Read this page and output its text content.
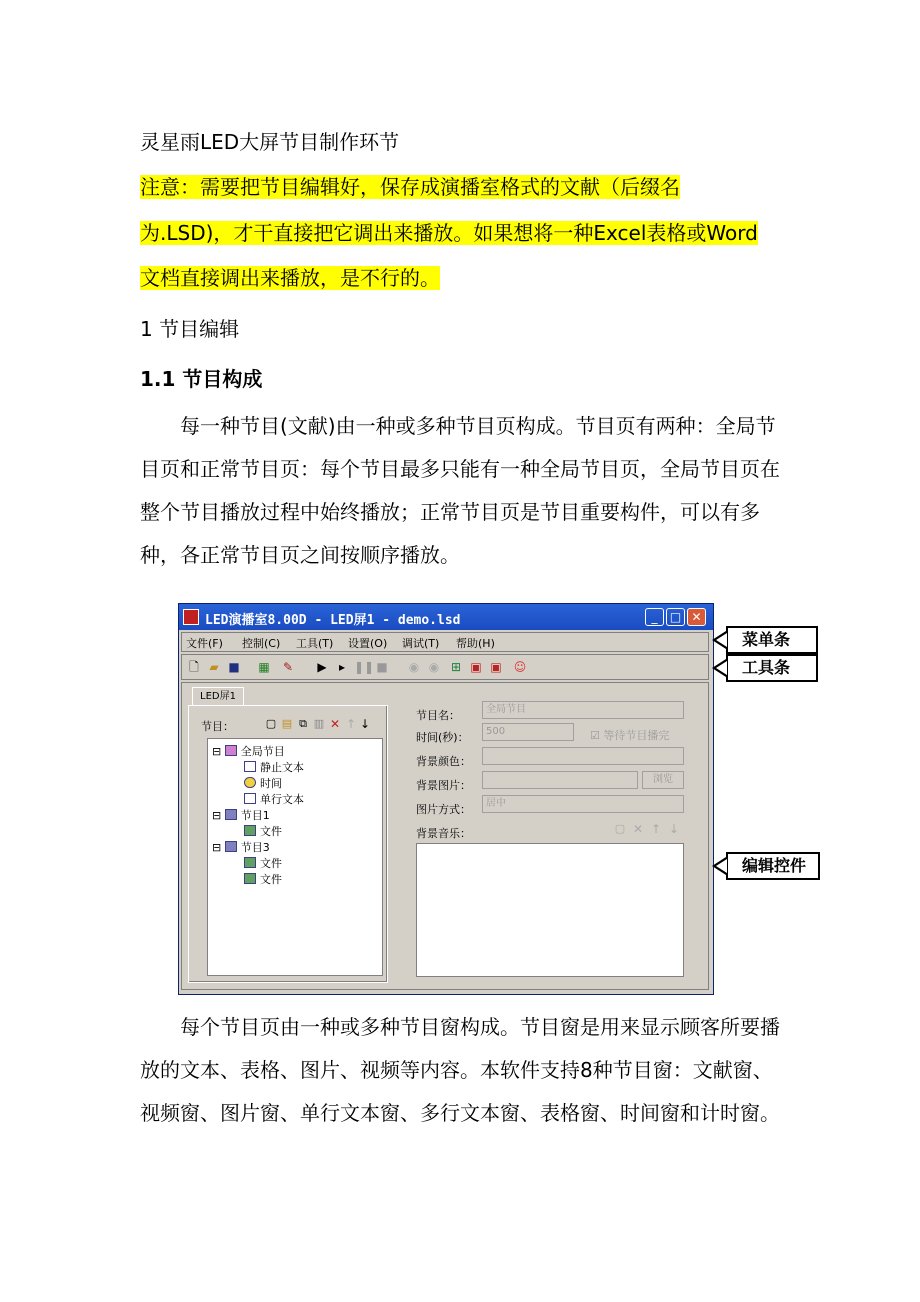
灵星雨LED大屏节目制作环节
注意：需要把节目编辑好，保存成演播室格式的文献（后缀名
为.LSD)，才干直接把它调出来播放。如果想将一种Excel表格或Word
文档直接调出来播放，是不行的。
1 节目编辑
1.1 节目构成
每一种节目(文献)由一种或多种节目页构成。节目页有两种：全局节目页和正常节目页：每个节目最多只能有一种全局节目页，全局节目页在整个节目播放过程中始终播放；正常节目页是节目重要构件，可以有多种，各正常节目页之间按顺序播放。
LED演播室8.00D - LED屏1 - demo.lsd	_	□ ✕
文件(F) 控制(C) 工具(T) 设置(O) 调试(T) 帮助(H)
🗋 ▰ ■ ▦ ✎ ▶	▸ ❚❚ ■ ◉ ◉ ⊞ ▣ ▣ ☺
LED屏1
节目：	▢ ▤ ⧉ ▥ ✕ ↑ ↓
⊟ 全局节目
静止文本
时间
单行文本
⊟ 节目1
文件
⊟ 节目3
文件
文件
节目名：	全局节目
时间(秒)：	500	☑ 等待节目播完
背景颜色：
背景图片：	浏览
图片方式：	居中
背景音乐：	▢ ✕ ↑ ↓
菜单条
工具条
编辑控件
每个节目页由一种或多种节目窗构成。节目窗是用来显示顾客所要播放的文本、表格、图片、视频等内容。本软件支持8种节目窗：文献窗、视频窗、图片窗、单行文本窗、多行文本窗、表格窗、时间窗和计时窗。
